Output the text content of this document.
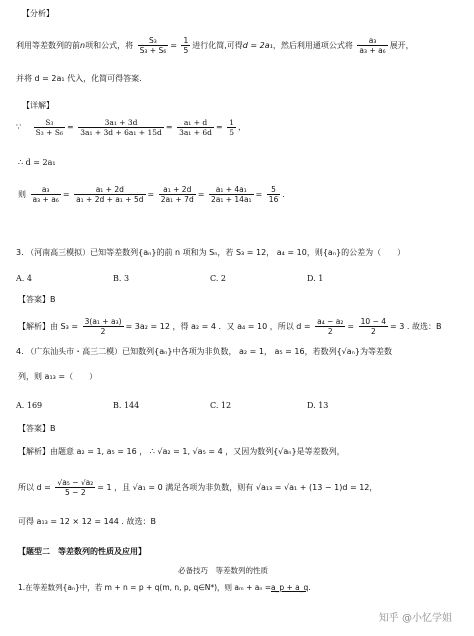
【分析】
利用等差数列的前n项和公式，将 $\frac{\text{S₃}}{\text{S₃ + S₆}} = \frac{1}{5}$ 进行化简,可得d = 2a₁，然后利用通项公式将 $\frac{\text{a₃}}{\text{a₃ + a₆}}$ 展开，
并将 d = 2a₁ 代入，化简可得答案.
【详解】
∵ $\frac{\text{S₃}}{\text{S₃ + S₆}} = \frac{\text{3a₁ + 3d}}{\text{3a₁ + 3d + 6a₁ + 15d}} = \frac{\text{a₁ + d}}{\text{3a₁ + 6d}} = \frac{1}{5}$ ，
∴ d = 2a₁
则 $\frac{\text{a₃}}{\text{a₃ + a₆}} = \frac{\text{a₁ + 2d}}{\text{a₁ + 2d + a₁ + 5d}} = \frac{\text{a₁ + 2d}}{\text{2a₁ + 7d}} = \frac{\text{a₁ + 4a₁}}{\text{2a₁ + 14a₁}} = \frac{5}{16}$ .
3. （河南高三模拟）已知等差数列{aₙ}的前 n 项和为 Sₙ，若 S₃ = 12， a₄ = 10，则{aₙ}的公差为（　　）
A. 4	B. 3	C. 2	D. 1
【答案】B
【解析】由 $S_3 = \frac{\text{3(a₁ + a₃)}}{2} = 3a_2 = 12$ ，得 a₂ = 4 ．又 a₄ = 10 ，所以 $d = \frac{\text{a₄ − a₂}}{2} = \frac{10 - 4}{2} = 3$ . 故选：B
4. （广东汕头市・高三二模）已知数列{aₙ}中各项为非负数， a₂ = 1， a₅ = 16，若数列{√aₙ}为等差数
列，则 a₁₃ =（　　）
A. 169	B. 144	C. 12	D. 13
【答案】B
【解析】由题意 a₂ = 1, a₅ = 16 ， ∴ √a₂ = 1, √a₅ = 4 ，又因为数列{√aₙ}是等差数列，
所以 $d = \frac{\text{√a₅ − √a₂}}{5 - 2} = 1$ ，且 √a₁ = 0 满足各项为非负数，则有 √a₁₃ = √a₁ + (13 − 1)d = 12，
可得 a₁₃ = 12 × 12 = 144 . 故选：B
【题型二　等差数列的性质及应用】
必备技巧　等差数列的性质
1.在等差数列{aₙ}中，若 m + n = p + q(m, n, p, q∈N*)，则 aₘ + aₙ =a_p + a_q.
知乎 @小忆学姐
